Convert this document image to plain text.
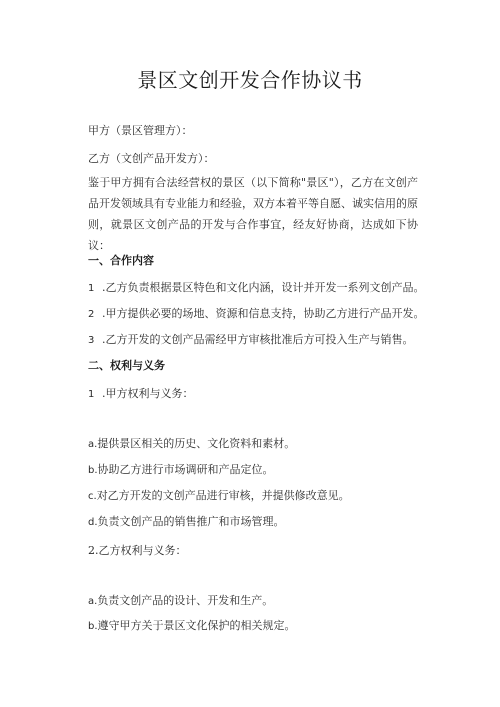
景区文创开发合作协议书
甲方（景区管理方）：
乙方（文创产品开发方）：
鉴于甲方拥有合法经营权的景区（以下简称"景区"），乙方在文创产品开发领域具有专业能力和经验，双方本着平等自愿、诚实信用的原则，就景区文创产品的开发与合作事宜，经友好协商，达成如下协议：
一、合作内容
1 .乙方负责根据景区特色和文化内涵，设计并开发一系列文创产品。
2 .甲方提供必要的场地、资源和信息支持，协助乙方进行产品开发。
3 .乙方开发的文创产品需经甲方审核批准后方可投入生产与销售。
二、权利与义务
1 .甲方权利与义务：
a.提供景区相关的历史、文化资料和素材。
b.协助乙方进行市场调研和产品定位。
c.对乙方开发的文创产品进行审核，并提供修改意见。
d.负责文创产品的销售推广和市场管理。
2.乙方权利与义务：
a.负责文创产品的设计、开发和生产。
b.遵守甲方关于景区文化保护的相关规定。
